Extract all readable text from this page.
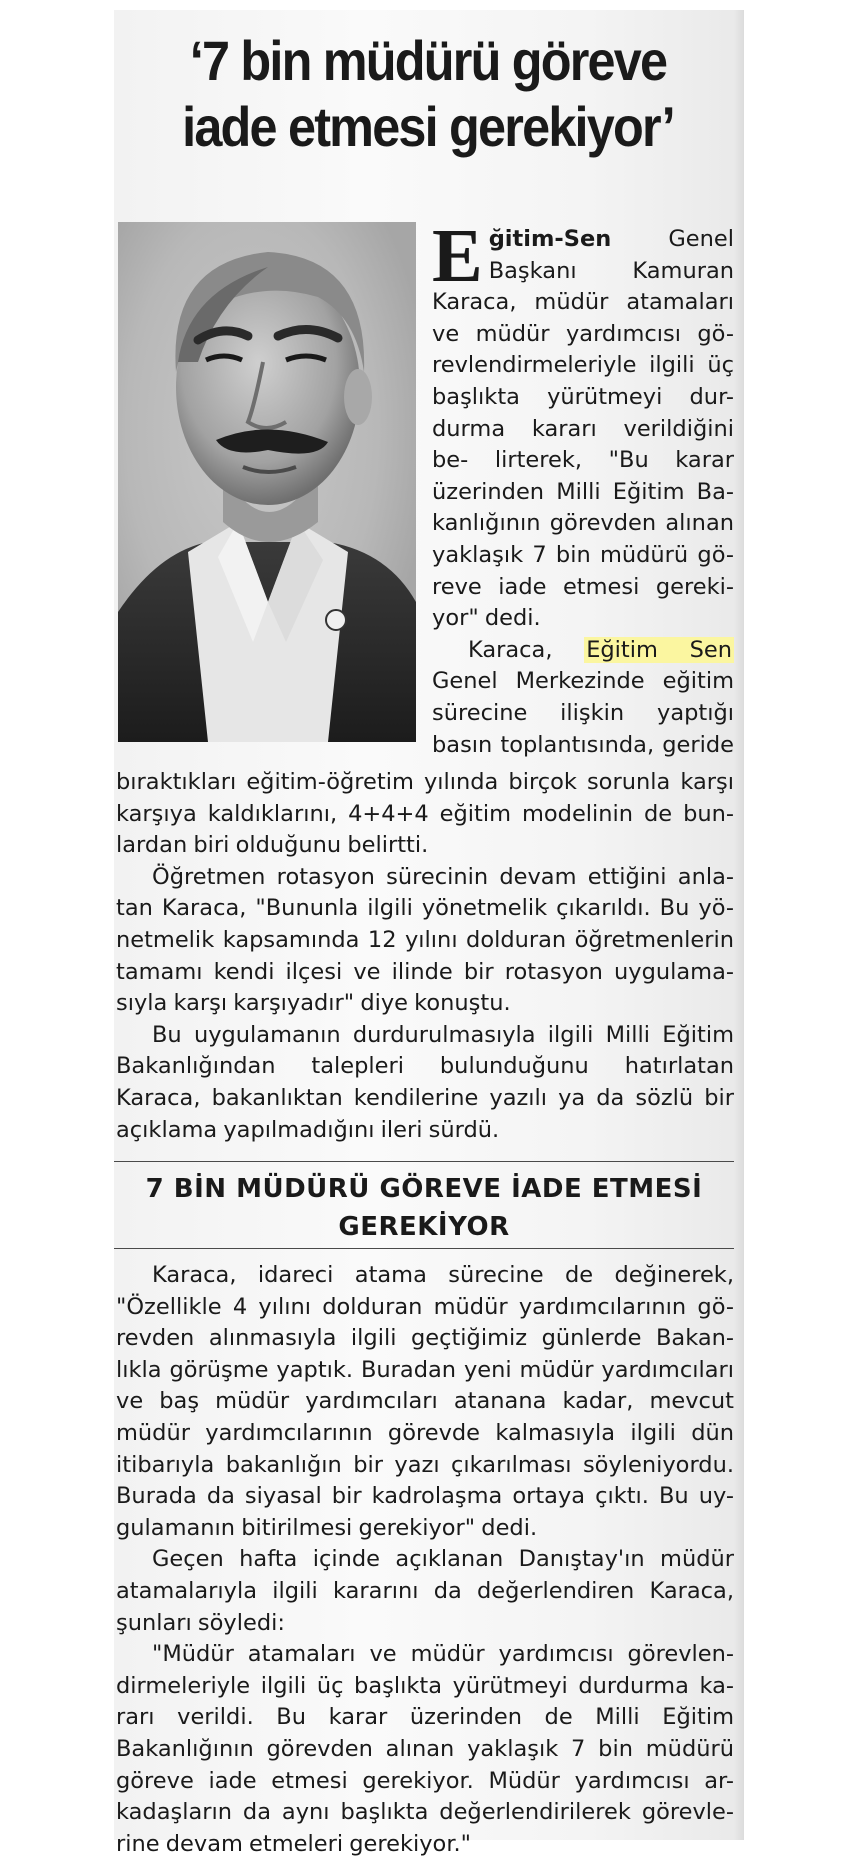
‘7 bin müdürü göreve
iade etmesi gerekiyor’

Eğitim-Sen	Genel Başkanı Kamuran Karaca, müdür atamaları ve müdür yardımcısı gö- revlendirmeleriyle ilgili üç başlıkta yürütmeyi dur- durma kararı verildiğini be- lirterek, "Bu karar üzerinden Milli Eğitim Ba- kanlığının görevden alınan yaklaşık 7 bin müdürü gö- reve iade etmesi gereki- yor" dedi.

Karaca, Eğitim Sen Genel Merkezinde eğitim sürecine ilişkin yaptığı basın toplantısında, geride

bıraktıkları eğitim-öğretim yılında birçok sorunla karşı karşıya kaldıklarını, 4+4+4 eğitim modelinin de bun- lardan biri olduğunu belirtti.

Öğretmen rotasyon sürecinin devam ettiğini anla- tan Karaca, "Bununla ilgili yönetmelik çıkarıldı. Bu yö- netmelik kapsamında 12 yılını dolduran öğretmenlerin tamamı kendi ilçesi ve ilinde bir rotasyon uygulama- sıyla karşı karşıyadır" diye konuştu.

Bu uygulamanın durdurulmasıyla ilgili Milli Eğitim Bakanlığından talepleri bulunduğunu hatırlatan Karaca, bakanlıktan kendilerine yazılı ya da sözlü bir açıklama yapılmadığını ileri sürdü.

7 BİN MÜDÜRÜ GÖREVE İADE ETMESİ
GEREKİYOR

Karaca, idareci atama sürecine de değinerek, "Özellikle 4 yılını dolduran müdür yardımcılarının gö- revden alınmasıyla ilgili geçtiğimiz günlerde Bakan- lıkla görüşme yaptık. Buradan yeni müdür yardımcıları ve baş müdür yardımcıları atanana kadar, mevcut müdür yardımcılarının görevde kalmasıyla ilgili dün itibarıyla bakanlığın bir yazı çıkarılması söyleniyordu. Burada da siyasal bir kadrolaşma ortaya çıktı. Bu uy- gulamanın bitirilmesi gerekiyor" dedi.

Geçen hafta içinde açıklanan Danıştay'ın müdür atamalarıyla ilgili kararını da değerlendiren Karaca, şunları söyledi:

"Müdür atamaları ve müdür yardımcısı görevlen- dirmeleriyle ilgili üç başlıkta yürütmeyi durdurma ka- rarı verildi. Bu karar üzerinden de Milli Eğitim Bakanlığının görevden alınan yaklaşık 7 bin müdürü göreve iade etmesi gerekiyor. Müdür yardımcısı ar- kadaşların da aynı başlıkta değerlendirilerek görevle- rine devam etmeleri gerekiyor."
